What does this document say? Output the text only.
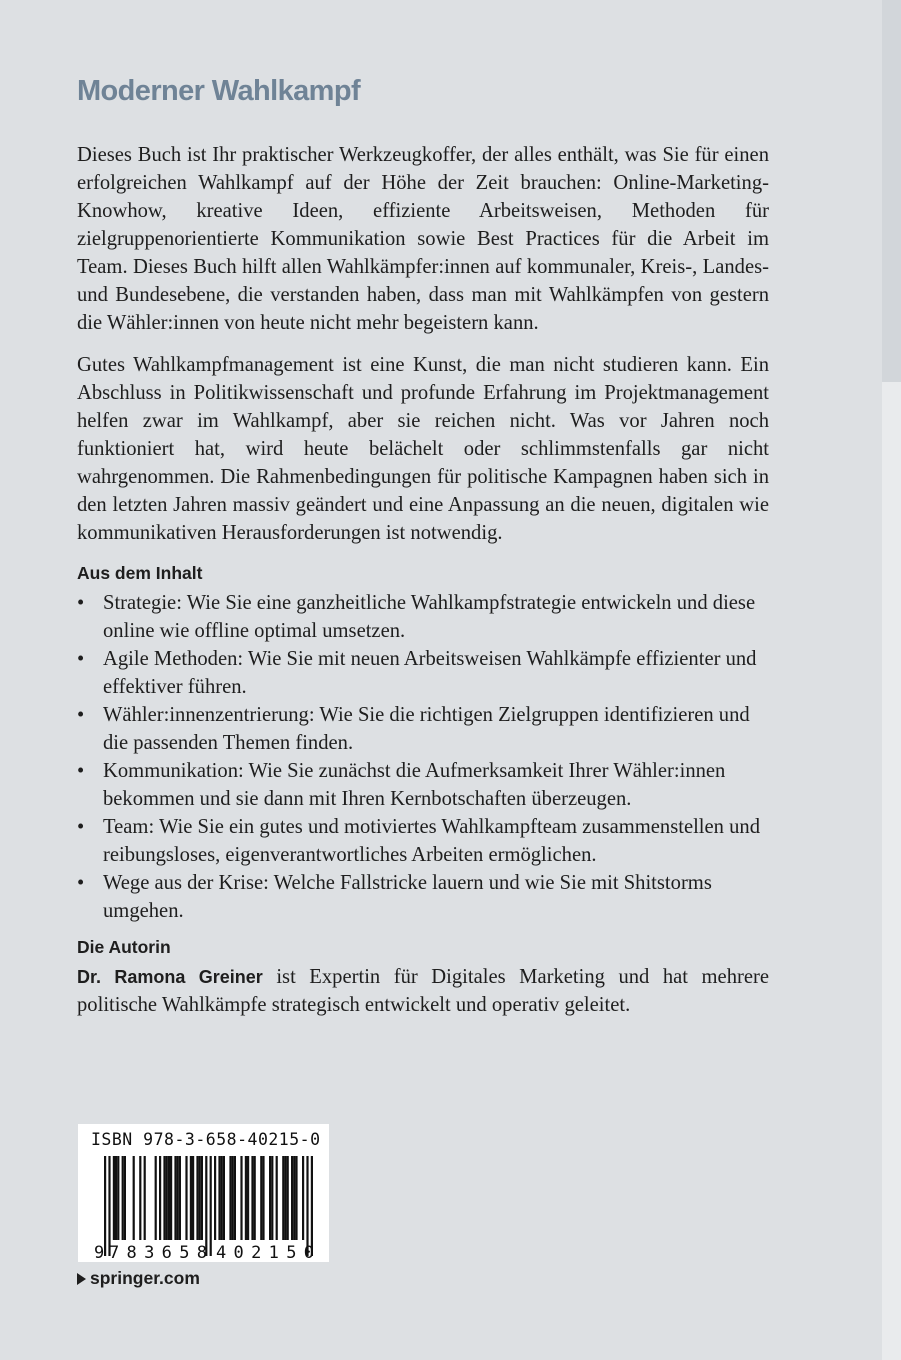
Moderner Wahlkampf

Dieses Buch ist Ihr praktischer Werkzeugkoffer, der alles enthält, was Sie für einen erfolgreichen Wahlkampf auf der Höhe der Zeit brauchen: Online-Marketing-Knowhow, kreative Ideen, effiziente Arbeitsweisen, Methoden für zielgruppenorientierte Kommunikation sowie Best Practices für die Arbeit im Team. Dieses Buch hilft allen Wahlkämpfer:innen auf kommunaler, Kreis-, Landes- und Bundesebene, die verstanden haben, dass man mit Wahlkämpfen von gestern die Wähler:innen von heute nicht mehr begeistern kann.

Gutes Wahlkampfmanagement ist eine Kunst, die man nicht studieren kann. Ein Abschluss in Politikwissenschaft und profunde Erfahrung im Projektmanagement helfen zwar im Wahlkampf, aber sie reichen nicht. Was vor Jahren noch funktioniert hat, wird heute belächelt oder schlimmstenfalls gar nicht wahrgenommen. Die Rahmenbedingungen für politische Kampagnen haben sich in den letzten Jahren massiv geändert und eine Anpassung an die neuen, digitalen wie kommunikativen Herausforderungen ist notwendig.

Aus dem Inhalt
• Strategie: Wie Sie eine ganzheitliche Wahlkampfstrategie entwickeln und diese online wie offline optimal umsetzen.
• Agile Methoden: Wie Sie mit neuen Arbeitsweisen Wahlkämpfe effizienter und effektiver führen.
• Wähler:innenzentrierung: Wie Sie die richtigen Zielgruppen identifizieren und die passenden Themen finden.
• Kommunikation: Wie Sie zunächst die Aufmerksamkeit Ihrer Wähler:innen bekommen und sie dann mit Ihren Kernbotschaften überzeugen.
• Team: Wie Sie ein gutes und motiviertes Wahlkampfteam zusammenstellen und reibungsloses, eigenverantwortliches Arbeiten ermöglichen.
• Wege aus der Krise: Welche Fallstricke lauern und wie Sie mit Shitstorms umgehen.
Die Autorin

Dr. Ramona Greiner ist Expertin für Digitales Marketing und hat mehrere politische Wahlkämpfe strategisch entwickelt und operativ geleitet.

ISBN 978-3-658-40215-0
9 783658 402150
springer.com
